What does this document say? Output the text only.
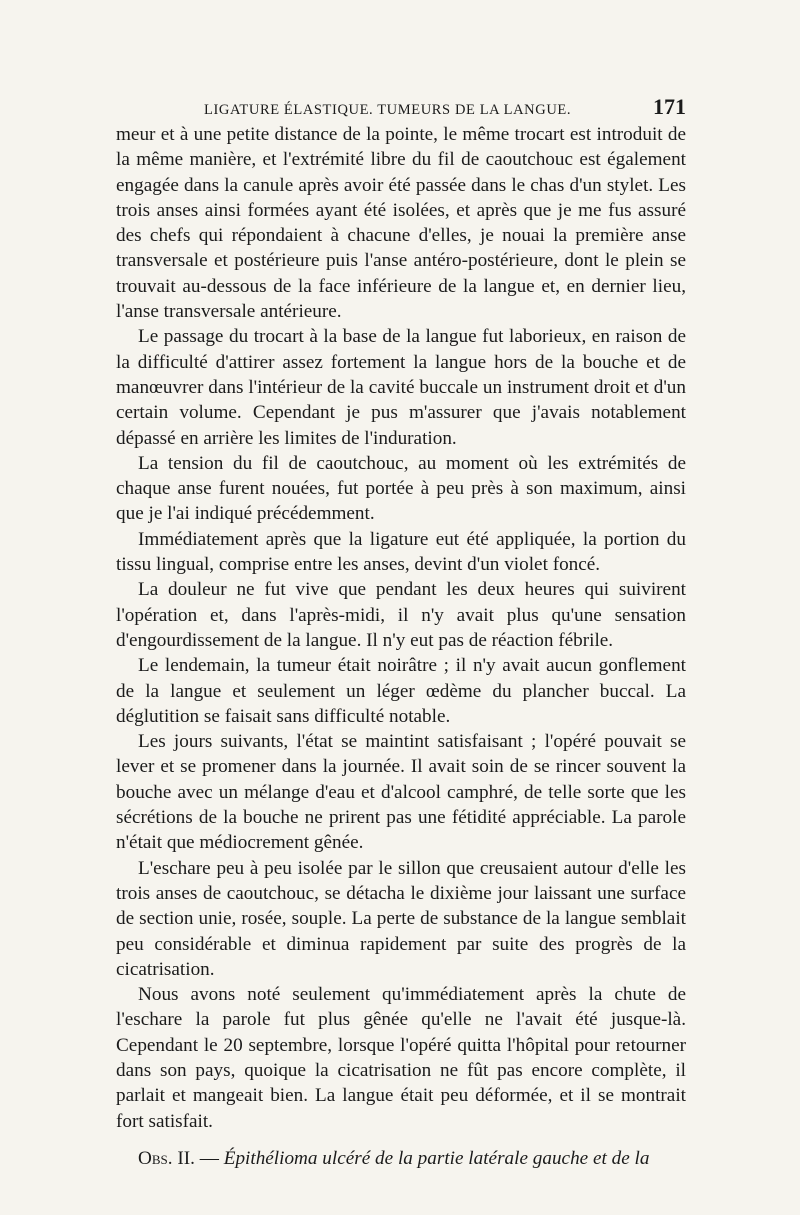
LIGATURE ÉLASTIQUE. TUMEURS DE LA LANGUE.	171

meur et à une petite distance de la pointe, le même trocart est introduit de la même manière, et l'extrémité libre du fil de caoutchouc est également engagée dans la canule après avoir été passée dans le chas d'un stylet. Les trois anses ainsi formées ayant été isolées, et après que je me fus assuré des chefs qui répondaient à chacune d'elles, je nouai la première anse transversale et postérieure puis l'anse antéro-postérieure, dont le plein se trouvait au-dessous de la face inférieure de la langue et, en dernier lieu, l'anse transversale antérieure.

Le passage du trocart à la base de la langue fut laborieux, en raison de la difficulté d'attirer assez fortement la langue hors de la bouche et de manœuvrer dans l'intérieur de la cavité buccale un instrument droit et d'un certain volume. Cependant je pus m'assurer que j'avais notablement dépassé en arrière les limites de l'induration.

La tension du fil de caoutchouc, au moment où les extrémités de chaque anse furent nouées, fut portée à peu près à son maximum, ainsi que je l'ai indiqué précédemment.

Immédiatement après que la ligature eut été appliquée, la portion du tissu lingual, comprise entre les anses, devint d'un violet foncé.

La douleur ne fut vive que pendant les deux heures qui suivirent l'opération et, dans l'après-midi, il n'y avait plus qu'une sensation d'engourdissement de la langue. Il n'y eut pas de réaction fébrile.

Le lendemain, la tumeur était noirâtre ; il n'y avait aucun gonflement de la langue et seulement un léger œdème du plancher buccal. La déglutition se faisait sans difficulté notable.

Les jours suivants, l'état se maintint satisfaisant ; l'opéré pouvait se lever et se promener dans la journée. Il avait soin de se rincer souvent la bouche avec un mélange d'eau et d'alcool camphré, de telle sorte que les sécrétions de la bouche ne prirent pas une fétidité appréciable. La parole n'était que médiocrement gênée.

L'eschare peu à peu isolée par le sillon que creusaient autour d'elle les trois anses de caoutchouc, se détacha le dixième jour laissant une surface de section unie, rosée, souple. La perte de substance de la langue semblait peu considérable et diminua rapidement par suite des progrès de la cicatrisation.

Nous avons noté seulement qu'immédiatement après la chute de l'eschare la parole fut plus gênée qu'elle ne l'avait été jusque-là. Cependant le 20 septembre, lorsque l'opéré quitta l'hôpital pour retourner dans son pays, quoique la cicatrisation ne fût pas encore complète, il parlait et mangeait bien. La langue était peu déformée, et il se montrait fort satisfait.

Obs. II. — Épithélioma ulcéré de la partie latérale gauche et de la
